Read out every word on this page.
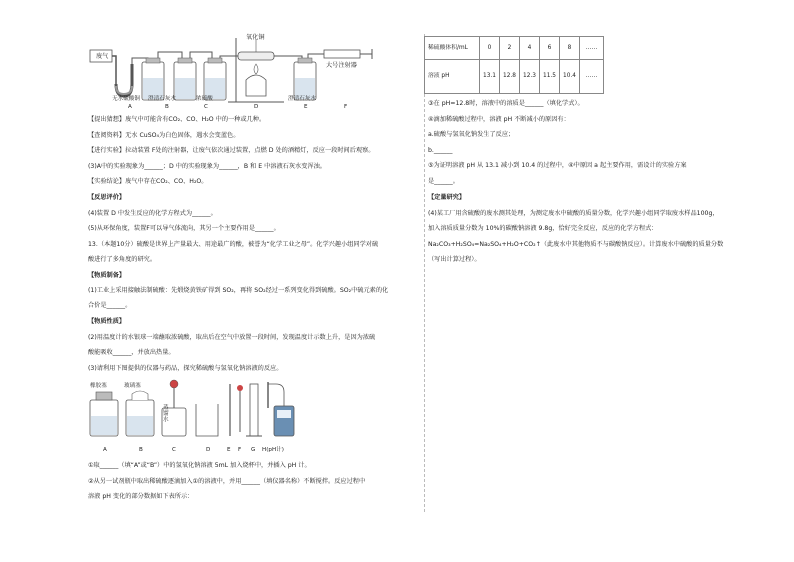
废气
氧化铜
大号注射器
无水硫酸铜 澄清石灰水	浓硫酸	澄清石灰水
A	B	C	D	E	F
【提出猜想】废气中可能含有CO₂、CO、H₂O 中的一种或几种。
【查阅资料】无水 CuSO₄为白色固体，遇水会变蓝色。
【进行实验】拉动装置 F处的注射器，让废气依次通过装置，点燃 D 处的酒精灯，反应一段时间后观察。
(3)A中的实验现象为______；D 中的实验现象为______，B 和 E 中溶液石灰水变浑浊。
【实验结论】废气中存在CO₂、CO、H₂O。
【反思评价】
(4)装置 D 中发生反应的化学方程式为______。
(5)从环保角度，装置F可以导气体流向，其另一个主要作用是______。
13.（本题10分）硫酸是世界上产量最大、用途最广的酸，被誉为“化学工业之母”。化学兴趣小组同学对硫
酸进行了多角度的研究。
【物质制备】
(1)工业上采用接触法制硫酸：先煅烧黄铁矿得到 SO₂，再将 SO₂经过一系列变化得到硫酸。SO₂中硫元素的化
合价是______。
【物质性质】
(2)用温度计的水银球一端蘸取浓硫酸，取出后在空气中放置一段时间，发现温度计示数上升，是因为浓硫
酸能吸收______，并放出热量。
(3)请利用下图提供的仪器与药品，探究稀硫酸与氢氧化钠溶液的反应。
橡胶塞	玻璃塞
蒸馏水
A	B	C	D	E F G H(pH计)
①取______（填“A”或“B”）中的氢氧化钠溶液 5mL 加入烧杯中，并插入 pH 计。
②从另一试剂瓶中取出稀硫酸逐滴加入①的溶液中，并用______（填仪器名称）不断搅拌。反应过程中
溶液 pH 变化的部分数据如下表所示：
稀硫酸体积/mL	0	2	4	6	8	……
溶液 pH	13.1	12.8	12.3	11.5	10.4	……
③在 pH=12.8时，溶液中的溶质是______（填化学式）。
④滴加稀硫酸过程中，溶液 pH 不断减小的原因有：
a.硫酸与氢氧化钠发生了反应；
b.______
⑤为证明溶液 pH 从 13.1 减小到 10.4 的过程中，④中原因 a 起主要作用，需设计的实验方案
是______。
【定量研究】
(4)某工厂用含硫酸的废水测其处理，为测定废水中硫酸的质量分数，化学兴趣小组同学取废水样品100g，
加入溶质质量分数为 10%的碳酸钠溶液 9.8g，恰好完全反应，反应的化学方程式：
Na₂CO₃+H₂SO₄=Na₂SO₄+H₂O+CO₂↑（此废水中其他物质不与碳酸钠反应）。计算废水中硫酸的质量分数
（写出计算过程）。
